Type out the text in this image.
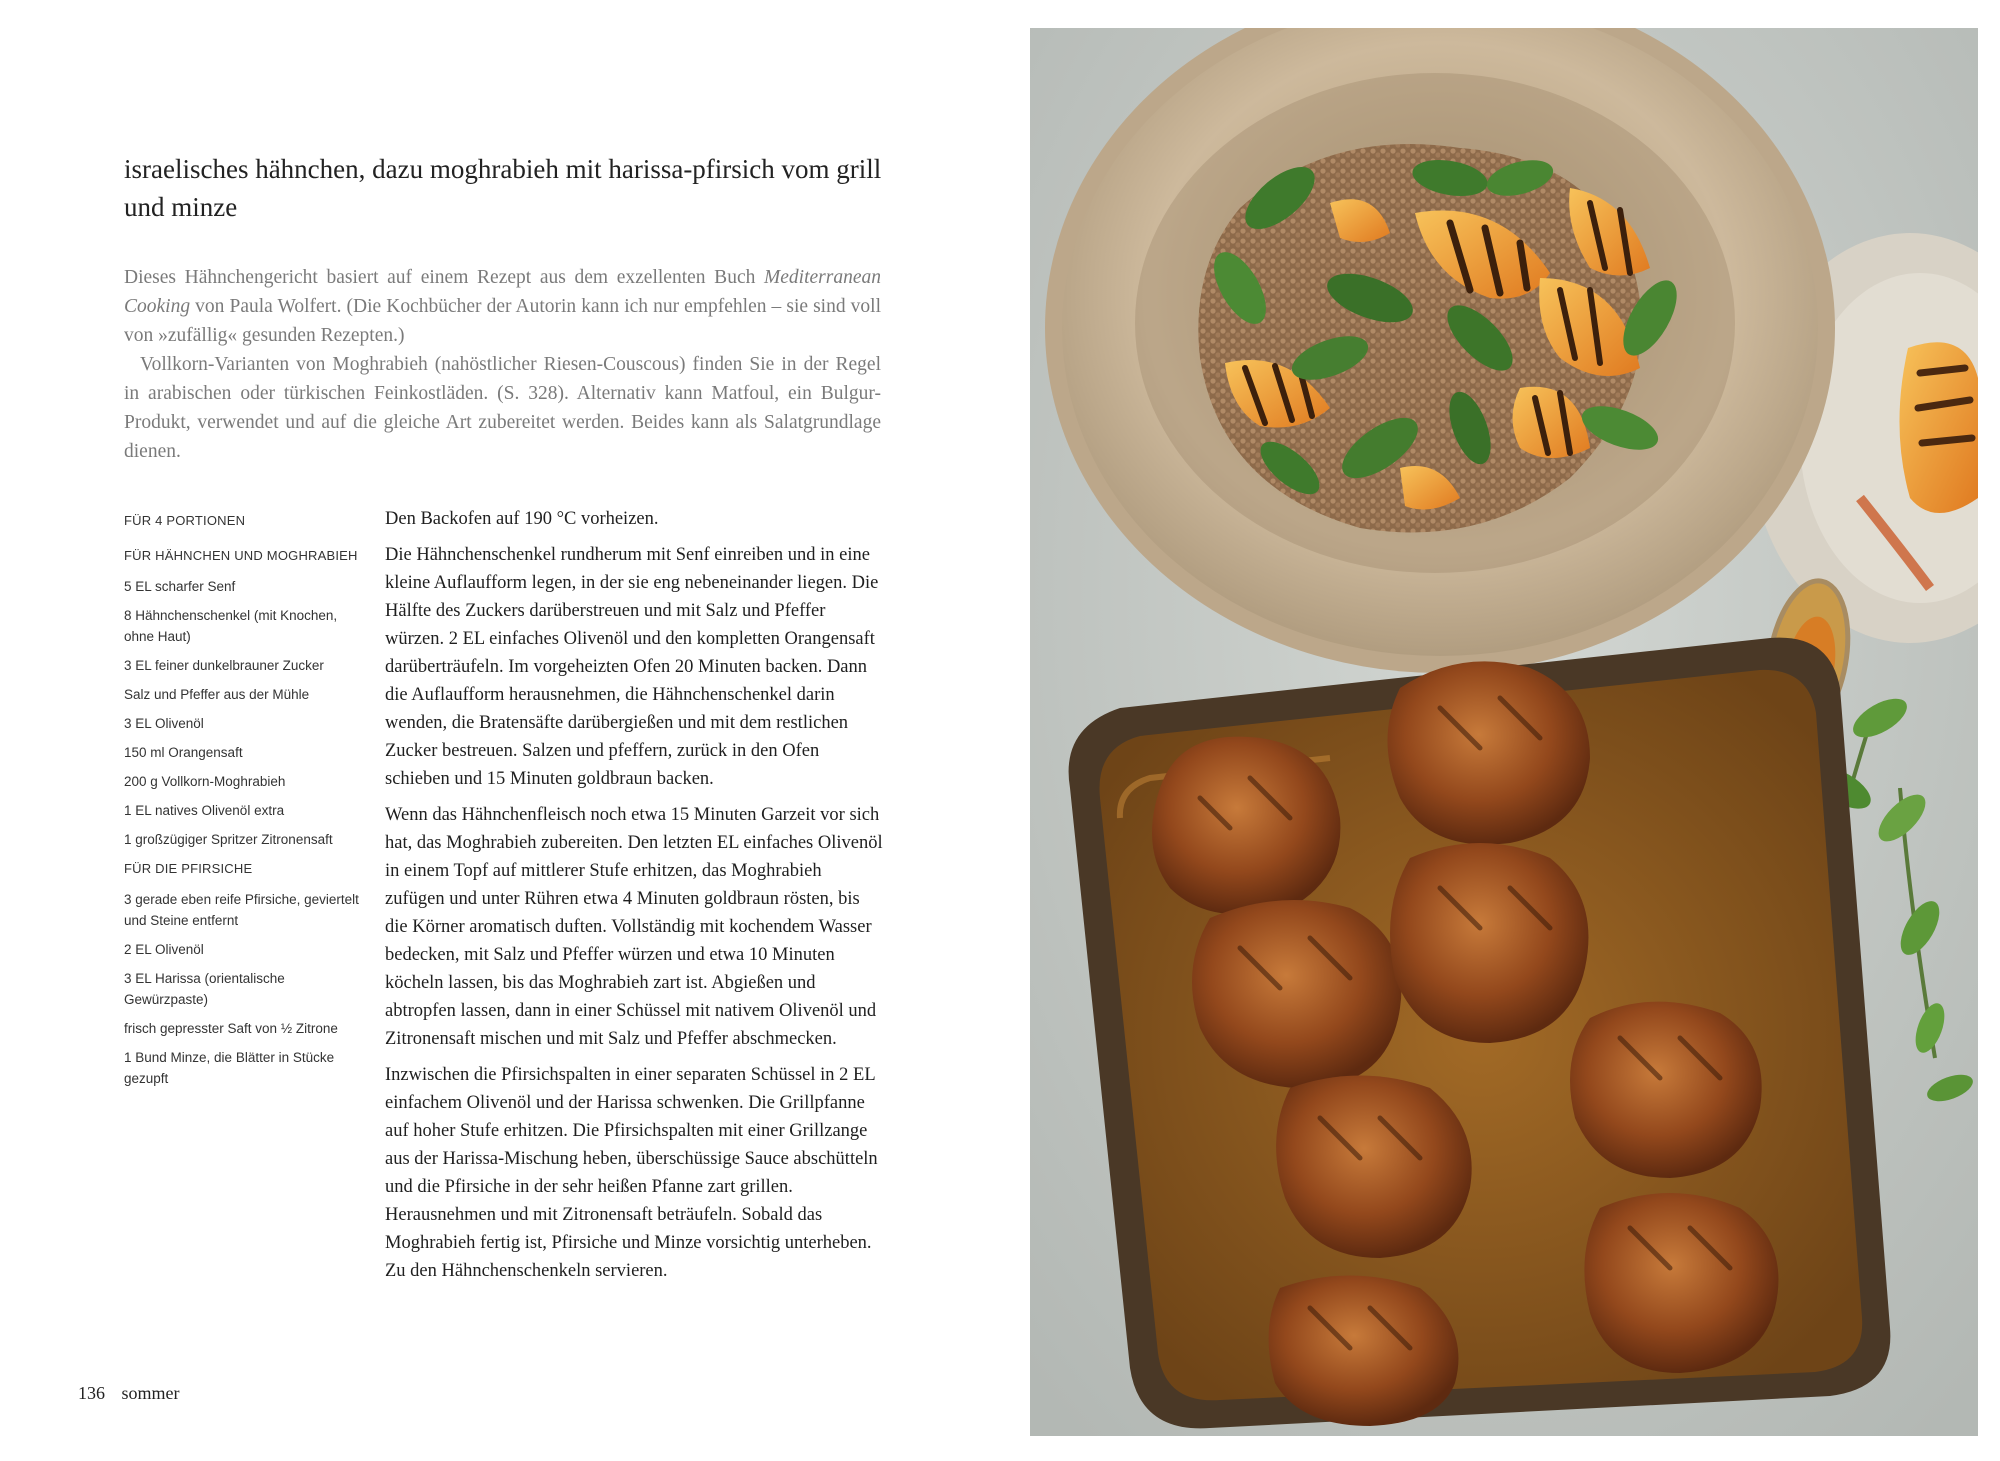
israelisches hähnchen, dazu moghrabieh mit harissa-pfirsich vom grill und minze

Dieses Hähnchengericht basiert auf einem Rezept aus dem exzellenten Buch Mediterranean Cooking von Paula Wolfert. (Die Kochbücher der Autorin kann ich nur empfehlen – sie sind voll von »zufällig« gesunden Rezepten.)

Vollkorn-Varianten von Moghrabieh (nahöstlicher Riesen-Couscous) finden Sie in der Regel in arabischen oder türkischen Feinkostläden. (S. 328). Alternativ kann Matfoul, ein Bulgur-Produkt, verwendet und auf die gleiche Art zubereitet werden. Beides kann als Salatgrundlage dienen.

FÜR 4 PORTIONEN
FÜR HÄHNCHEN UND MOGHRABIEH
5 EL scharfer Senf
8 Hähnchenschenkel (mit Knochen, ohne Haut)
3 EL feiner dunkelbrauner Zucker
Salz und Pfeffer aus der Mühle
3 EL Olivenöl
150 ml Orangensaft
200 g Vollkorn-Moghrabieh
1 EL natives Olivenöl extra
1 großzügiger Spritzer Zitronensaft
FÜR DIE PFIRSICHE
3 gerade eben reife Pfirsiche, geviertelt und Steine entfernt
2 EL Olivenöl
3 EL Harissa (orientalische Gewürzpaste)
frisch gepresster Saft von ½ Zitrone
1 Bund Minze, die Blätter in Stücke gezupft

Den Backofen auf 190 °C vorheizen.

Die Hähnchenschenkel rundherum mit Senf einreiben und in eine kleine Auflaufform legen, in der sie eng nebeneinander liegen. Die Hälfte des Zuckers darüberstreuen und mit Salz und Pfeffer würzen. 2 EL einfaches Olivenöl und den kompletten Orangensaft darüberträufeln. Im vorgeheizten Ofen 20 Minuten backen. Dann die Auflaufform herausnehmen, die Hähnchenschenkel darin wenden, die Bratensäfte darübergießen und mit dem restlichen Zucker bestreuen. Salzen und pfeffern, zurück in den Ofen schieben und 15 Minuten goldbraun backen.

Wenn das Hähnchenfleisch noch etwa 15 Minuten Garzeit vor sich hat, das Moghrabieh zubereiten. Den letzten EL einfaches Olivenöl in einem Topf auf mittlerer Stufe erhitzen, das Moghrabieh zufügen und unter Rühren etwa 4 Minuten goldbraun rösten, bis die Körner aromatisch duften. Vollständig mit kochendem Wasser bedecken, mit Salz und Pfeffer würzen und etwa 10 Minuten köcheln lassen, bis das Moghrabieh zart ist. Abgießen und abtropfen lassen, dann in einer Schüssel mit nativem Olivenöl und Zitronensaft mischen und mit Salz und Pfeffer abschmecken.

Inzwischen die Pfirsichspalten in einer separaten Schüssel in 2 EL einfachem Olivenöl und der Harissa schwenken. Die Grillpfanne auf hoher Stufe erhitzen. Die Pfirsichspalten mit einer Grillzange aus der Harissa-Mischung heben, überschüssige Sauce abschütteln und die Pfirsiche in der sehr heißen Pfanne zart grillen. Herausnehmen und mit Zitronensaft beträufeln. Sobald das Moghrabieh fertig ist, Pfirsiche und Minze vorsichtig unterheben. Zu den Hähnchenschenkeln servieren.

136 sommer
